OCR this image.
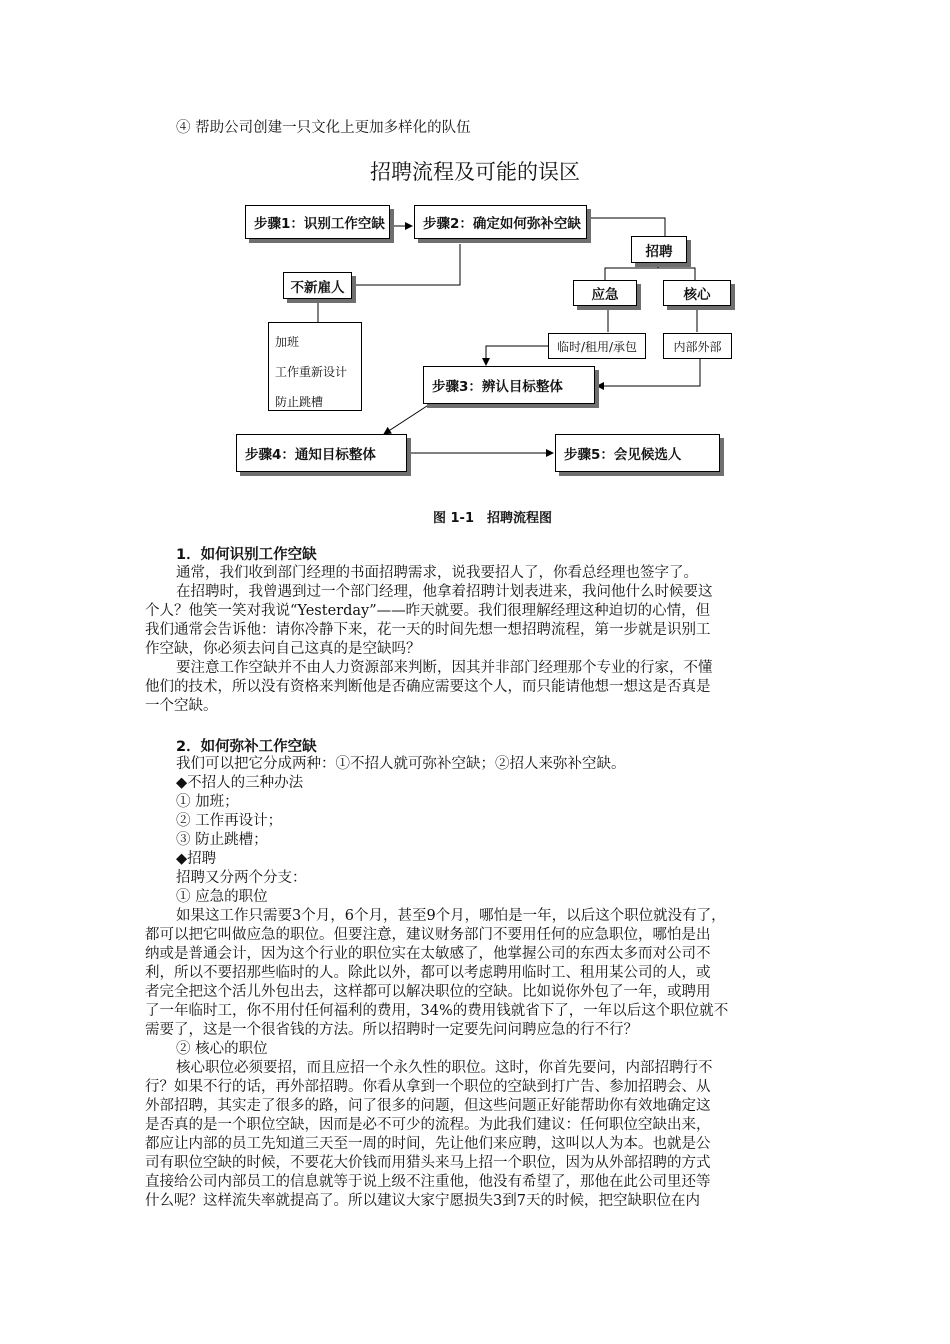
④ 帮助公司创建一只文化上更加多样化的队伍
招聘流程及可能的误区
步骤1：识别工作空缺	步骤2：确定如何弥补空缺
招聘
不新雇人	应急	核心
加班
工作重新设计
防止跳槽
临时/租用/承包	内部外部
步骤3：辨认目标整体
步骤4：通知目标整体	步骤5：会见候选人
图 1-1　招聘流程图
1．如何识别工作空缺
通常，我们收到部门经理的书面招聘需求，说我要招人了，你看总经理也签字了。
在招聘时，我曾遇到过一个部门经理，他拿着招聘计划表进来，我问他什么时候要这
个人？他笑一笑对我说“Yesterday”——昨天就要。我们很理解经理这种迫切的心情，但
我们通常会告诉他：请你冷静下来，花一天的时间先想一想招聘流程，第一步就是识别工
作空缺，你必须去问自己这真的是空缺吗？
要注意工作空缺并不由人力资源部来判断，因其并非部门经理那个专业的行家，不懂
他们的技术，所以没有资格来判断他是否确应需要这个人，而只能请他想一想这是否真是
一个空缺。
2．如何弥补工作空缺
我们可以把它分成两种：①不招人就可弥补空缺；②招人来弥补空缺。
◆不招人的三种办法
① 加班；
② 工作再设计；
③ 防止跳槽；
◆招聘
招聘又分两个分支：
① 应急的职位
如果这工作只需要3个月，6个月，甚至9个月，哪怕是一年，以后这个职位就没有了，
都可以把它叫做应急的职位。但要注意，建议财务部门不要用任何的应急职位，哪怕是出
纳或是普通会计，因为这个行业的职位实在太敏感了，他掌握公司的东西太多而对公司不
利，所以不要招那些临时的人。除此以外，都可以考虑聘用临时工、租用某公司的人，或
者完全把这个活儿外包出去，这样都可以解决职位的空缺。比如说你外包了一年，或聘用
了一年临时工，你不用付任何福利的费用，34%的费用钱就省下了，一年以后这个职位就不
需要了，这是一个很省钱的方法。所以招聘时一定要先问问聘应急的行不行？
② 核心的职位
核心职位必须要招，而且应招一个永久性的职位。这时，你首先要问，内部招聘行不
行？如果不行的话，再外部招聘。你看从拿到一个职位的空缺到打广告、参加招聘会、从
外部招聘，其实走了很多的路，问了很多的问题，但这些问题正好能帮助你有效地确定这
是否真的是一个职位空缺，因而是必不可少的流程。为此我们建议：任何职位空缺出来，
都应让内部的员工先知道三天至一周的时间，先让他们来应聘，这叫以人为本。也就是公
司有职位空缺的时候，不要花大价钱而用猎头来马上招一个职位，因为从外部招聘的方式
直接给公司内部员工的信息就等于说上级不注重他，他没有希望了，那他在此公司里还等
什么呢？这样流失率就提高了。所以建议大家宁愿损失3到7天的时候，把空缺职位在内
